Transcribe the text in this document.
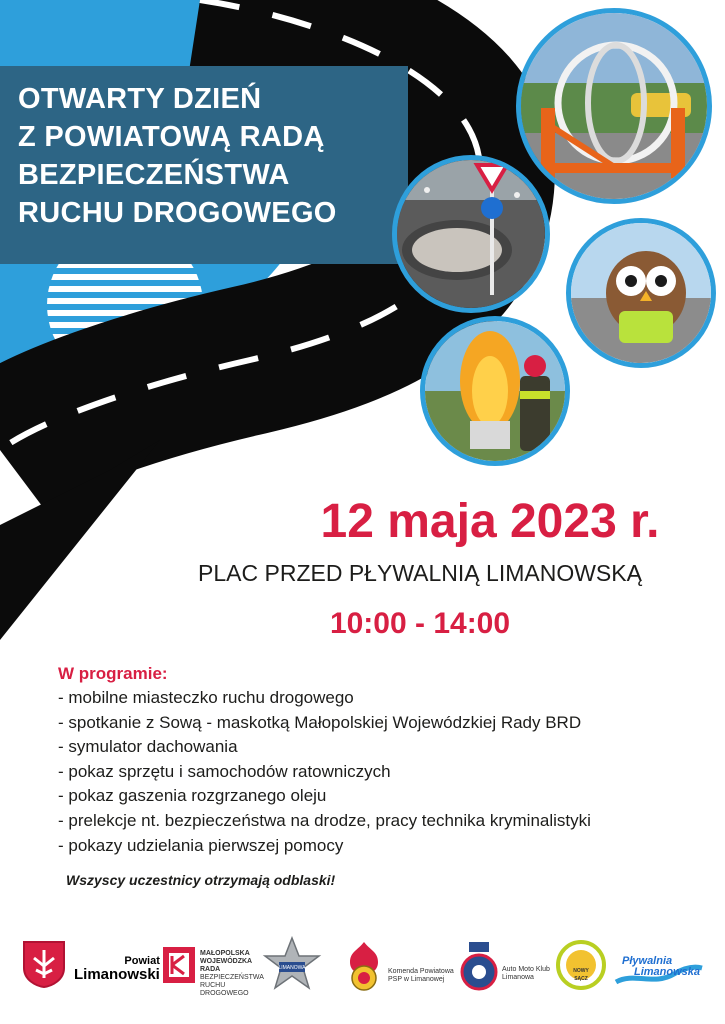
OTWARTY DZIEŃ
Z POWIATOWĄ RADĄ
BEZPIECZEŃSTWA
RUCHU DROGOWEGO
12 maja 2023 r.
PLAC PRZED PŁYWALNIĄ LIMANOWSKĄ
10:00 - 14:00
W programie:
- mobilne miasteczko ruchu drogowego
- spotkanie z Sową - maskotką Małopolskiej Wojewódzkiej Rady BRD
- symulator dachowania
- pokaz sprzętu i samochodów ratowniczych
- pokaz gaszenia rozgrzanego oleju
- prelekcje nt. bezpieczeństwa na drodze, pracy technika kryminalistyki
- pokazy udzielania pierwszej pomocy
Wszyscy uczestnicy otrzymają odblaski!
Powiat
Limanowski
MAŁOPOLSKA
WOJEWÓDZKA
RADA
BEZPIECZEŃSTWA
RUCHU
DROGOWEGO
LIMANOWA	Komenda Powiatowa
PSP w Limanowej
Auto Moto Klub
Limanowa
NOWY SĄCZ
Pływalnia
Limanowska
